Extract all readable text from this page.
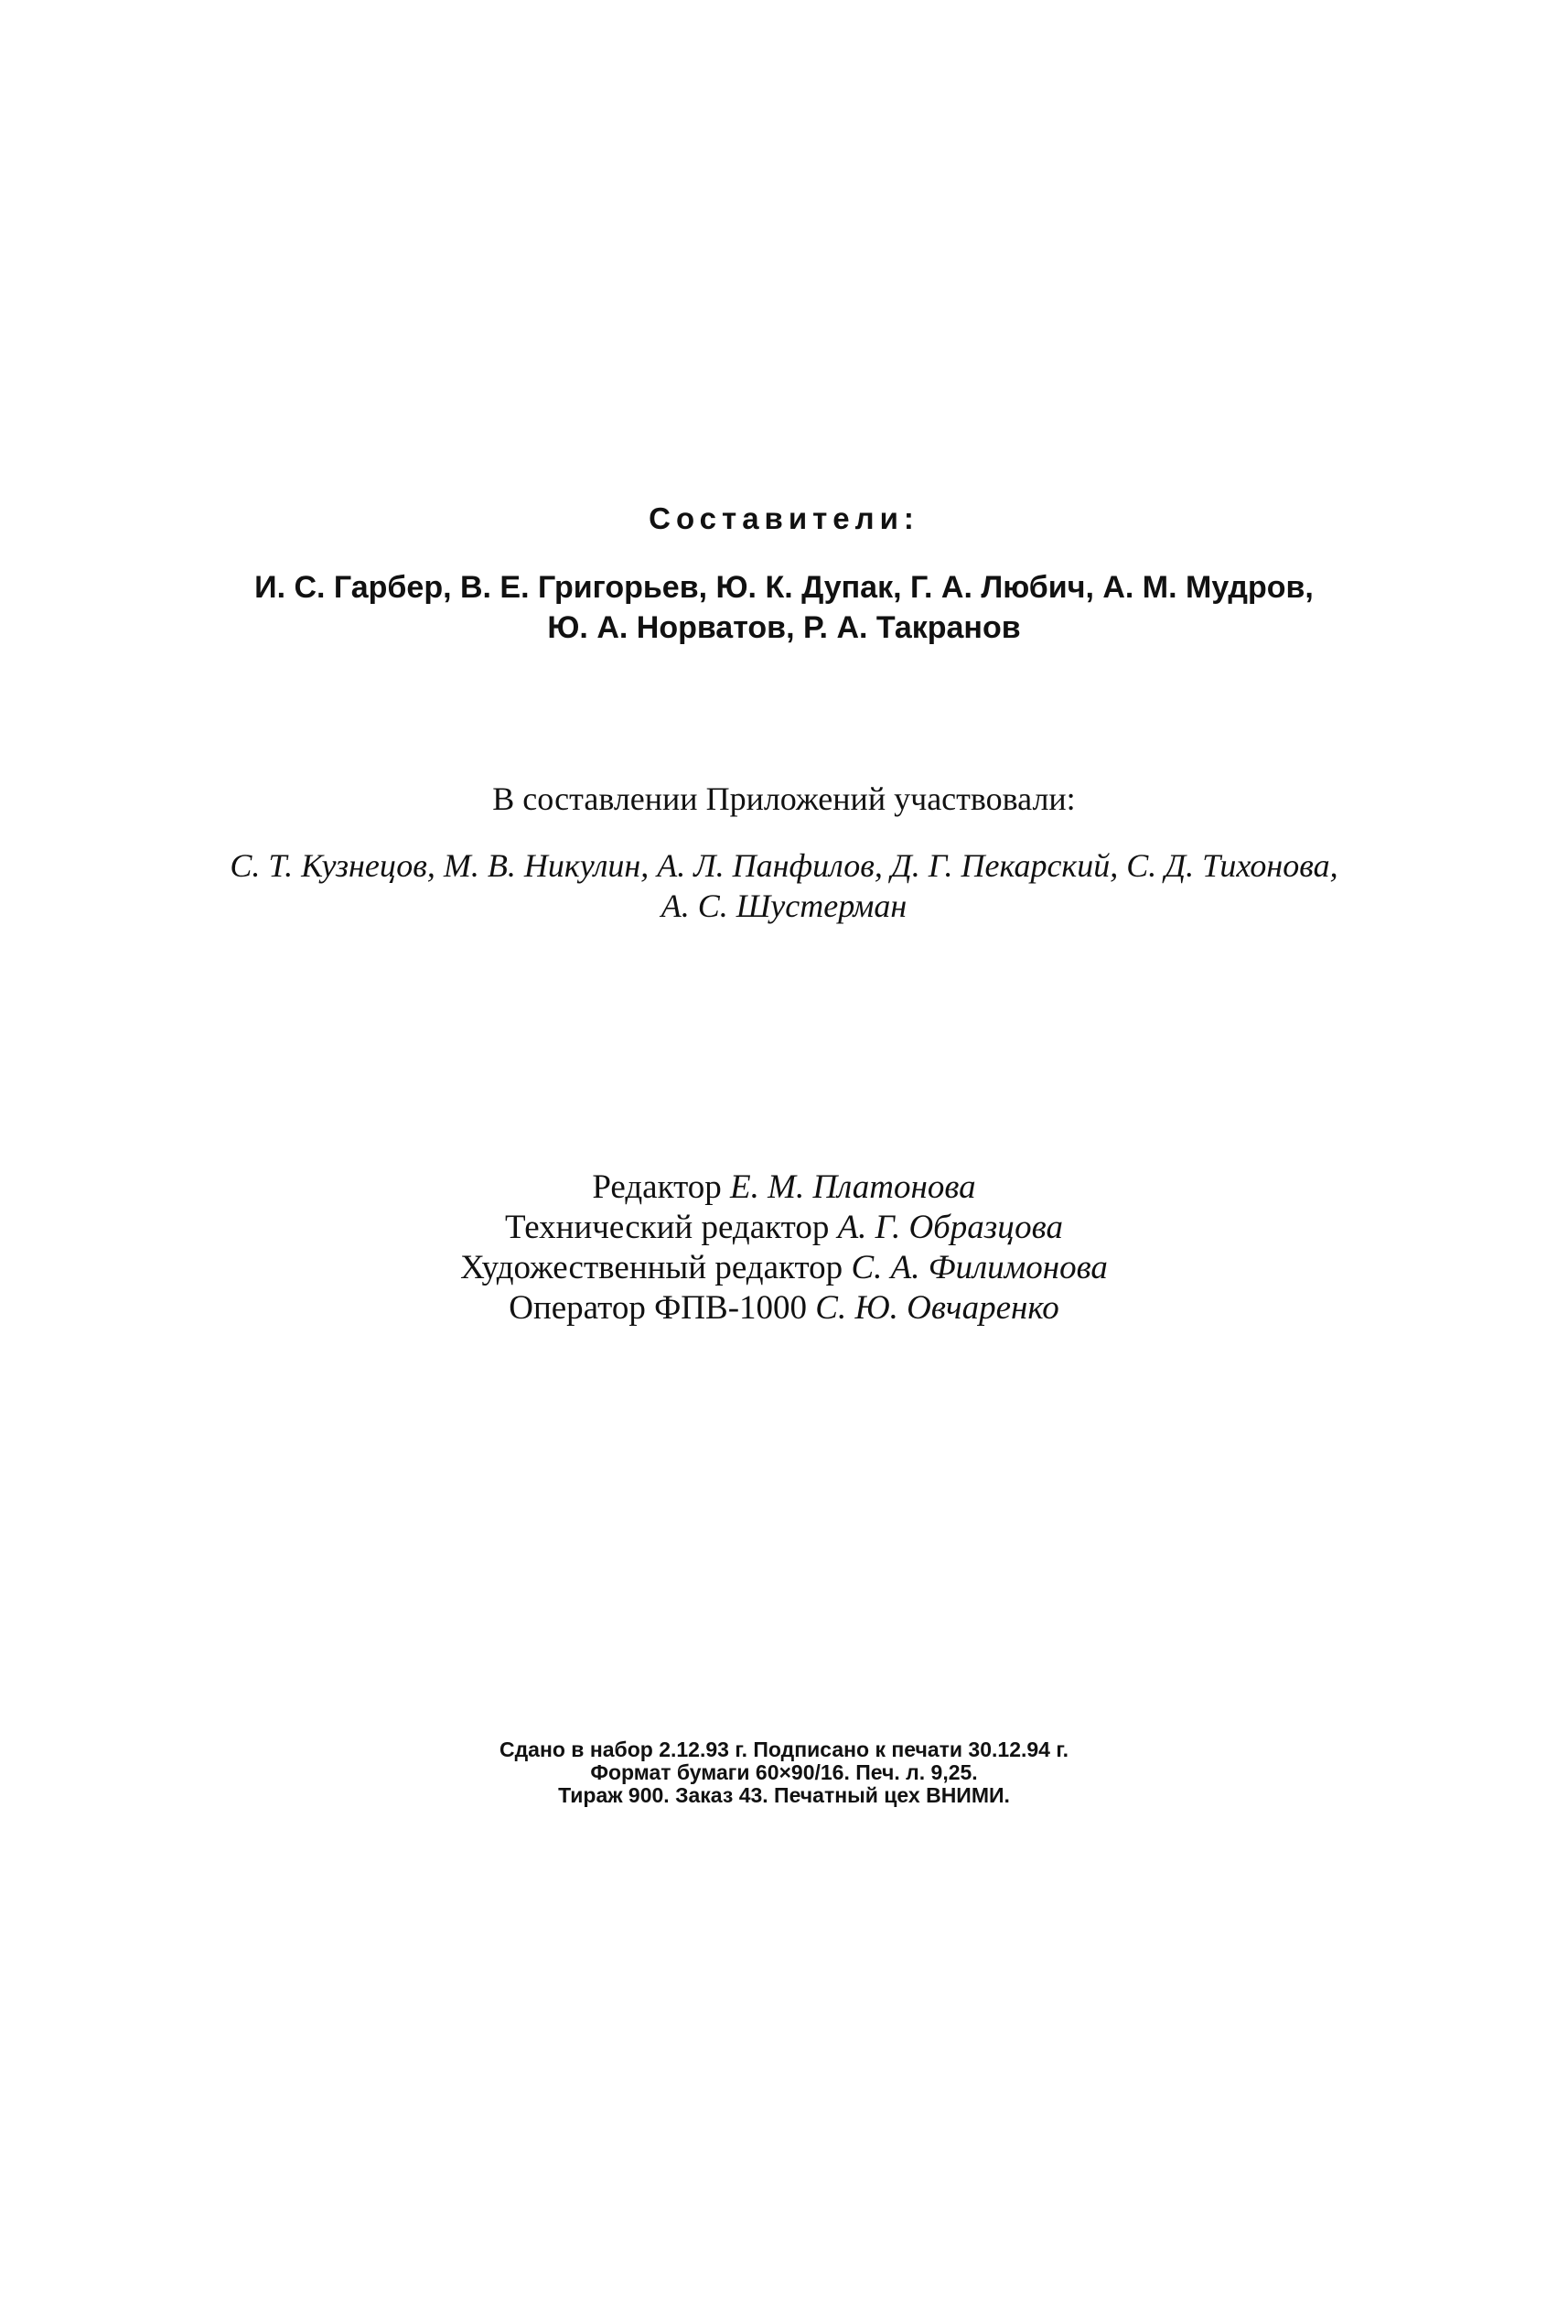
Составители:
И. С. Гарбер, В. Е. Григорьев, Ю. К. Дупак, Г. А. Любич, А. М. Мудров,
Ю. А. Норватов, Р. А. Такранов
В составлении Приложений участвовали:
С. Т. Кузнецов, М. В. Никулин, А. Л. Панфилов, Д. Г. Пекарский, С. Д. Тихонова,
А. С. Шустерман
Редактор Е. М. Платонова
Технический редактор А. Г. Образцова
Художественный редактор С. А. Филимонова
Оператор ФПВ-1000 С. Ю. Овчаренко
Сдано в набор 2.12.93 г. Подписано к печати 30.12.94 г.
Формат бумаги 60×90/16. Печ. л. 9,25.
Тираж 900. Заказ 43. Печатный цех ВНИМИ.
